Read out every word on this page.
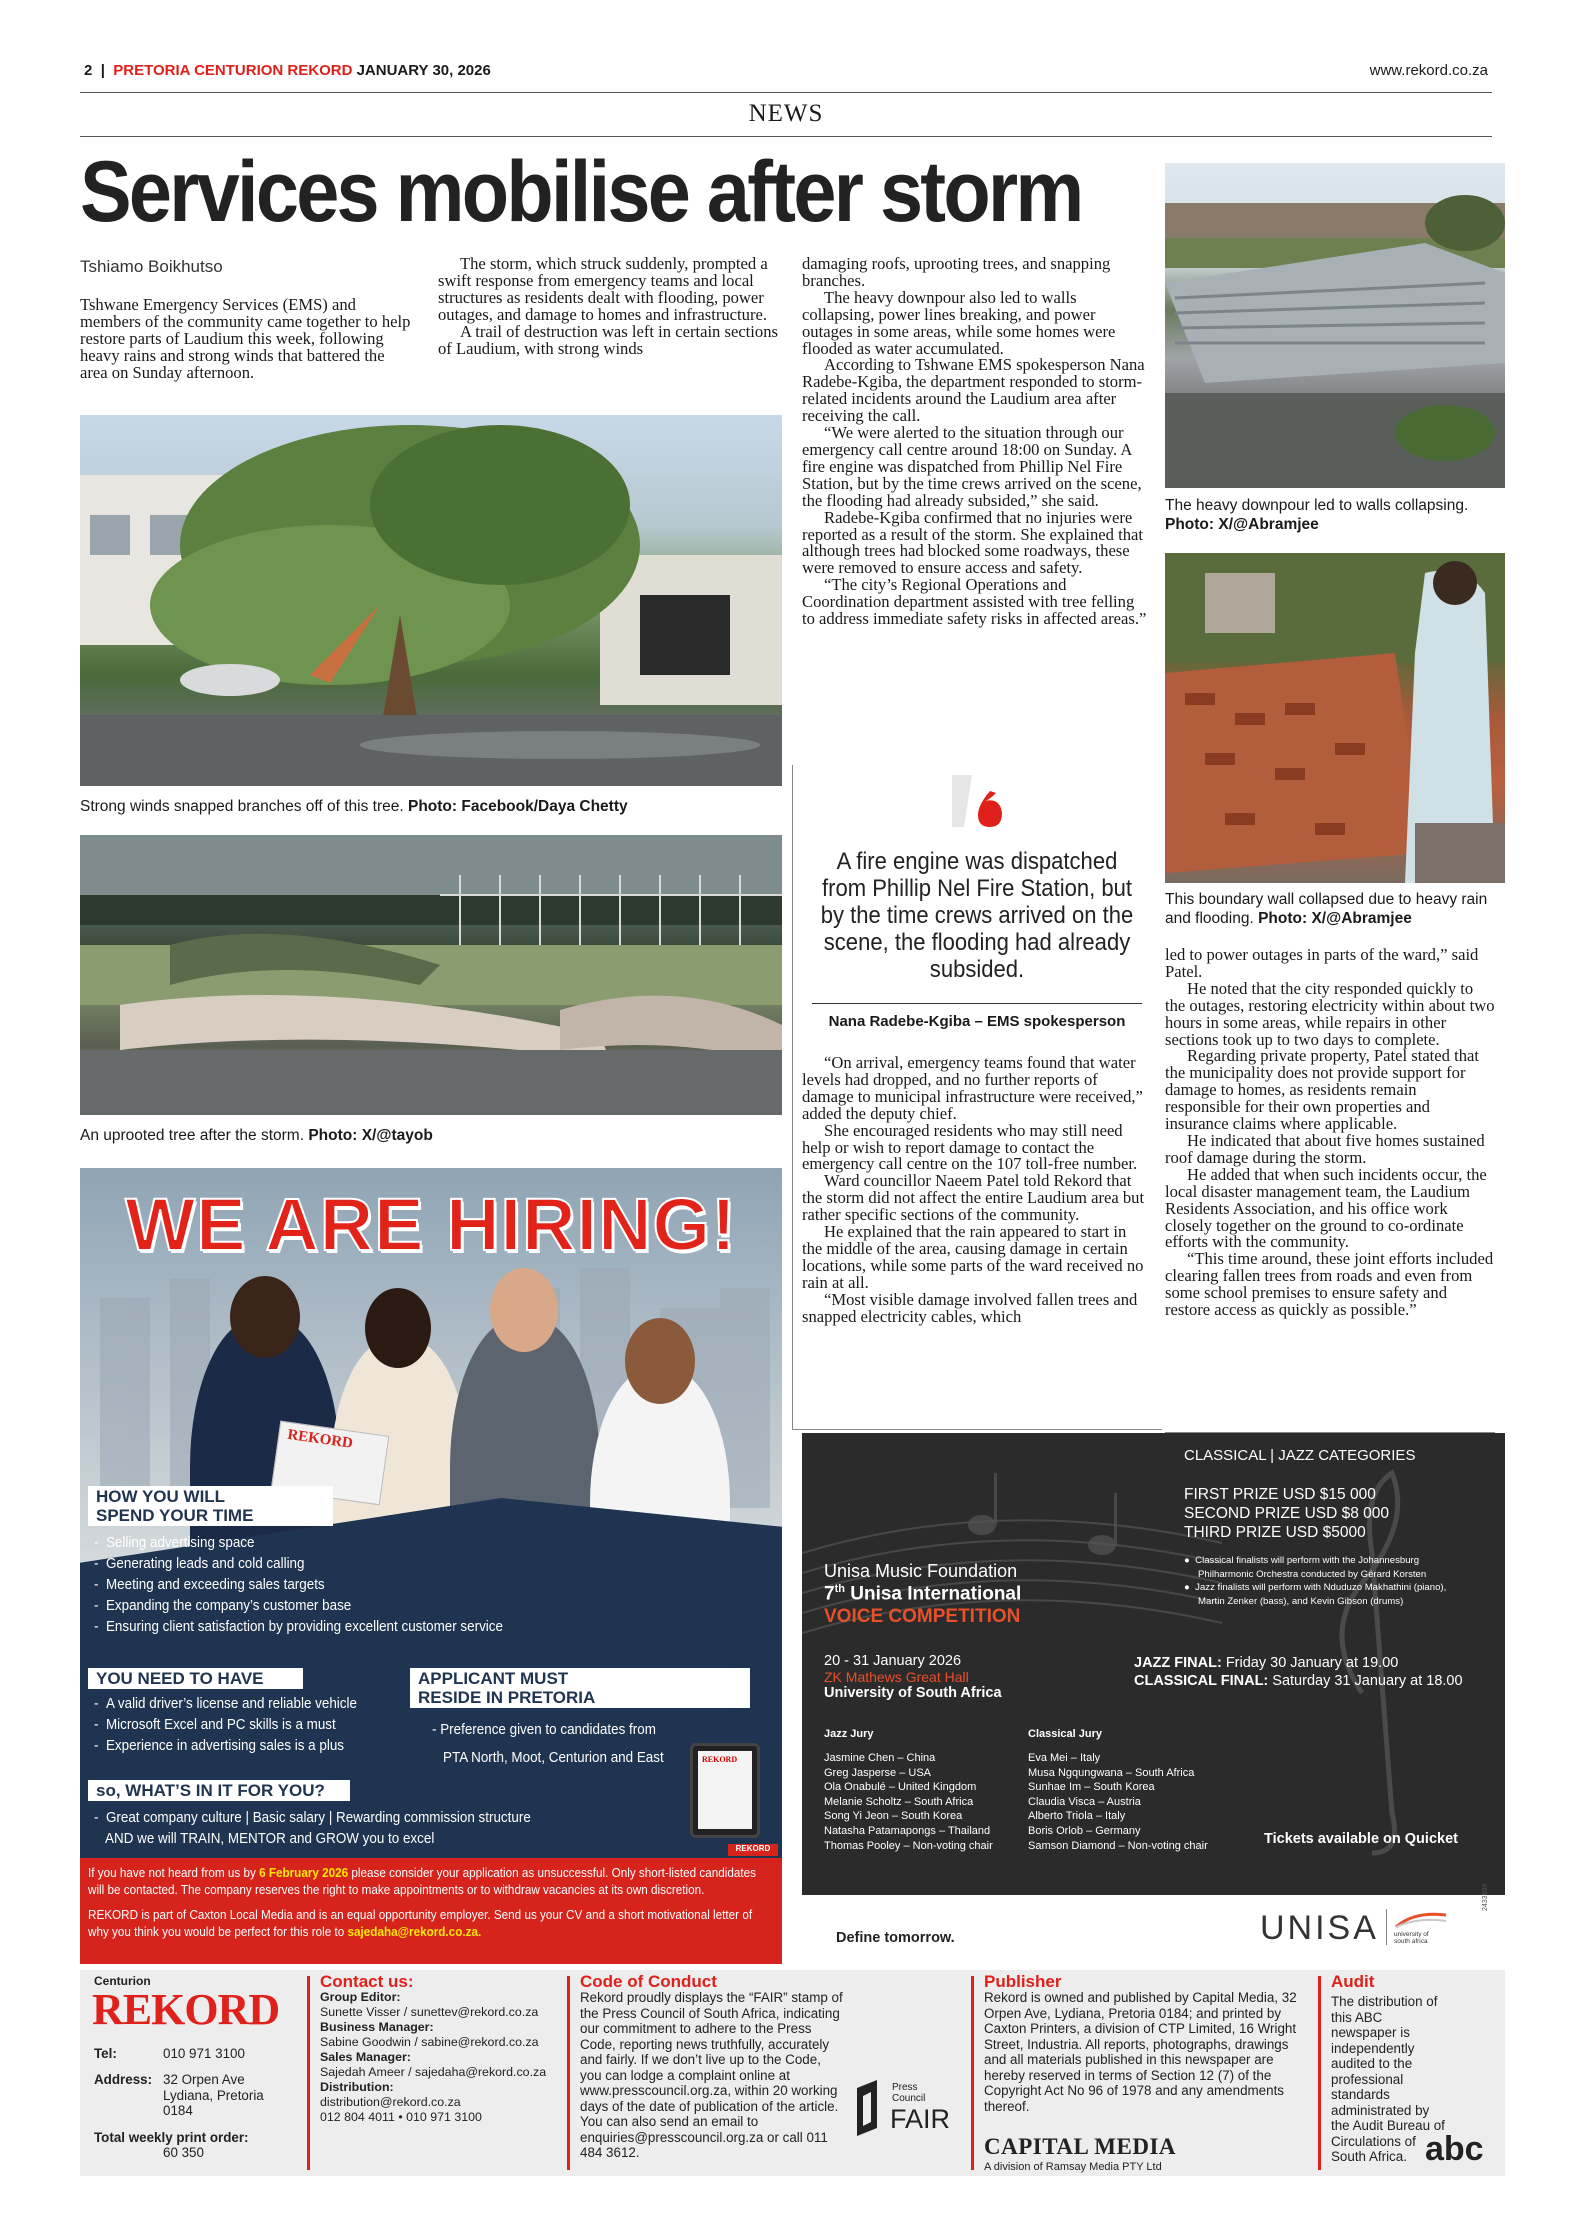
2 | PRETORIA CENTURION REKORD JANUARY 30, 2026	www.rekord.co.za
NEWS
Services mobilise after storm
Tshiamo Boikhutso

Tshwane Emergency Services (EMS) and members of the community came together to help restore parts of Laudium this week, following heavy rains and strong winds that battered the area on Sunday afternoon.

The storm, which struck suddenly, prompted a swift response from emergency teams and local structures as residents dealt with flooding, power outages, and damage to homes and infrastructure.

A trail of destruction was left in certain sections of Laudium, with strong winds

damaging roofs, uprooting trees, and snapping branches.

The heavy downpour also led to walls collapsing, power lines breaking, and power outages in some areas, while some homes were flooded as water accumulated.

According to Tshwane EMS spokesperson Nana Radebe-Kgiba, the department responded to storm-related incidents around the Laudium area after receiving the call.

“We were alerted to the situation through our emergency call centre around 18:00 on Sunday. A fire engine was dispatched from Phillip Nel Fire Station, but by the time crews arrived on the scene, the flooding had already subsided,” she said.

Radebe-Kgiba confirmed that no injuries were reported as a result of the storm. She explained that although trees had blocked some roadways, these were removed to ensure access and safety.

“The city’s Regional Operations and Coordination department assisted with tree felling to address immediate safety risks in affected areas.”

“On arrival, emergency teams found that water levels had dropped, and no further reports of damage to municipal infrastructure were received,” added the deputy chief.

She encouraged residents who may still need help or wish to report damage to contact the emergency call centre on the 107 toll-free number.

Ward councillor Naeem Patel told Rekord that the storm did not affect the entire Laudium area but rather specific sections of the community.

He explained that the rain appeared to start in the middle of the area, causing damage in certain locations, while some parts of the ward received no rain at all.

“Most visible damage involved fallen trees and snapped electricity cables, which

led to power outages in parts of the ward,” said Patel.

He noted that the city responded quickly to the outages, restoring electricity within about two hours in some areas, while repairs in other sections took up to two days to complete.

Regarding private property, Patel stated that the municipality does not provide support for damage to homes, as residents remain responsible for their own properties and insurance claims where applicable.

He indicated that about five homes sustained roof damage during the storm.

He added that when such incidents occur, the local disaster management team, the Laudium Residents Association, and his office work closely together on the ground to co-ordinate efforts with the community.

“This time around, these joint efforts included clearing fallen trees from roads and even from some school premises to ensure safety and restore access as quickly as possible.”

Strong winds snapped branches off of this tree. Photo: Facebook/Daya Chetty
An uprooted tree after the storm. Photo: X/@tayob
The heavy downpour led to walls collapsing. Photo: X/@Abramjee
This boundary wall collapsed due to heavy rain and flooding. Photo: X/@Abramjee
A fire engine was dispatched from Phillip Nel Fire Station, but by the time crews arrived on the scene, the flooding had already subsided.
Nana Radebe-Kgiba – EMS spokesperson
WE ARE HIRING!
REKORD
HOW YOU WILL
SPEND YOUR TIME
-  Selling advertising space
-  Generating leads and cold calling
-  Meeting and exceeding sales targets
-  Expanding the company’s customer base
-  Ensuring client satisfaction by providing excellent customer service
YOU NEED TO HAVE
-  A valid driver’s license and reliable vehicle
-  Microsoft Excel and PC skills is a must
-  Experience in advertising sales is a plus
APPLICANT MUST
RESIDE IN PRETORIA
- Preference given to candidates from
PTA North, Moot, Centurion and East	REKORD
so, WHAT’S IN IT FOR YOU?
-  Great company culture | Basic salary | Rewarding commission structure
AND we will TRAIN, MENTOR and GROW you to excel
REKORD
If you have not heard from us by 6 February 2026 please consider your application as unsuccessful. Only short-listed candidates will be contacted. The company reserves the right to make appointments or to withdraw vacancies at its own discretion.
REKORD is part of Caxton Local Media and is an equal opportunity employer. Send us your CV and a short motivational letter of why you think you would be perfect for this role to sajedaha@rekord.co.za.
CLASSICAL | JAZZ CATEGORIES
FIRST PRIZE USD $15 000
SECOND PRIZE USD $8 000
THIRD PRIZE USD $5000
●  Classical finalists will perform with the Johannesburg
Philharmonic Orchestra conducted by Gérard Korsten
●  Jazz finalists will perform with Nduduzo Makhathini (piano),
Martin Zenker (bass), and Kevin Gibson (drums)
Unisa Music Foundation
7th Unisa International
VOICE COMPETITION
20 - 31 January 2026
ZK Mathews Great Hall
University of South Africa
JAZZ FINAL: Friday 30 January at 19.00
CLASSICAL FINAL: Saturday 31 January at 18.00
Jazz Jury
Jasmine Chen – China
Greg Jasperse – USA
Ola Onabulé – United Kingdom
Melanie Scholtz – South Africa
Song Yi Jeon – South Korea
Natasha Patamapongs – Thailand
Thomas Pooley – Non-voting chair
Classical Jury
Eva Mei – Italy
Musa Ngqungwana – South Africa
Sunhae Im – South Korea
Claudia Visca – Austria
Alberto Triola – Italy
Boris Orlob – Germany
Samson Diamond – Non-voting chair	Tickets available on Quicket
Define tomorrow.	UNISA university of south africa
2433609
Centurion
REKORD
Tel:	010 971 3100
Address: 32 Orpen Ave
Lydiana, Pretoria
0184
Total weekly print order:
60 350
Contact us:
Group Editor:
Sunette Visser / sunettev@rekord.co.za
Business Manager:
Sabine Goodwin / sabine@rekord.co.za
Sales Manager:
Sajedah Ameer / sajedaha@rekord.co.za
Distribution:
distribution@rekord.co.za
012 804 4011 • 010 971 3100
Code of Conduct
Rekord proudly displays the “FAIR” stamp of the Press Council of South Africa, indicating our commitment to adhere to the Press Code, reporting news truthfully, accurately and fairly. If we don’t live up to the Code, you can lodge a complaint online at www.presscouncil.org.za, within 20 working days of the date of publication of the article. You can also send an email to enquiries@presscouncil.org.za or call 011 484 3612.
Press Council
FAIR
Publisher
Rekord is owned and published by Capital Media, 32 Orpen Ave, Lydiana, Pretoria 0184; and printed by Caxton Printers, a division of CTP Limited, 16 Wright Street, Industria. All reports, photographs, drawings and all materials published in this newspaper are hereby reserved in terms of Section 12 (7) of the Copyright Act No 96 of 1978 and any amendments thereof.
CAPITAL MEDIA
A division of Ramsay Media PTY Ltd
Audit
The distribution of this ABC newspaper is independently audited to the professional standards administrated by the Audit Bureau of Circulations of South Africa. abc
